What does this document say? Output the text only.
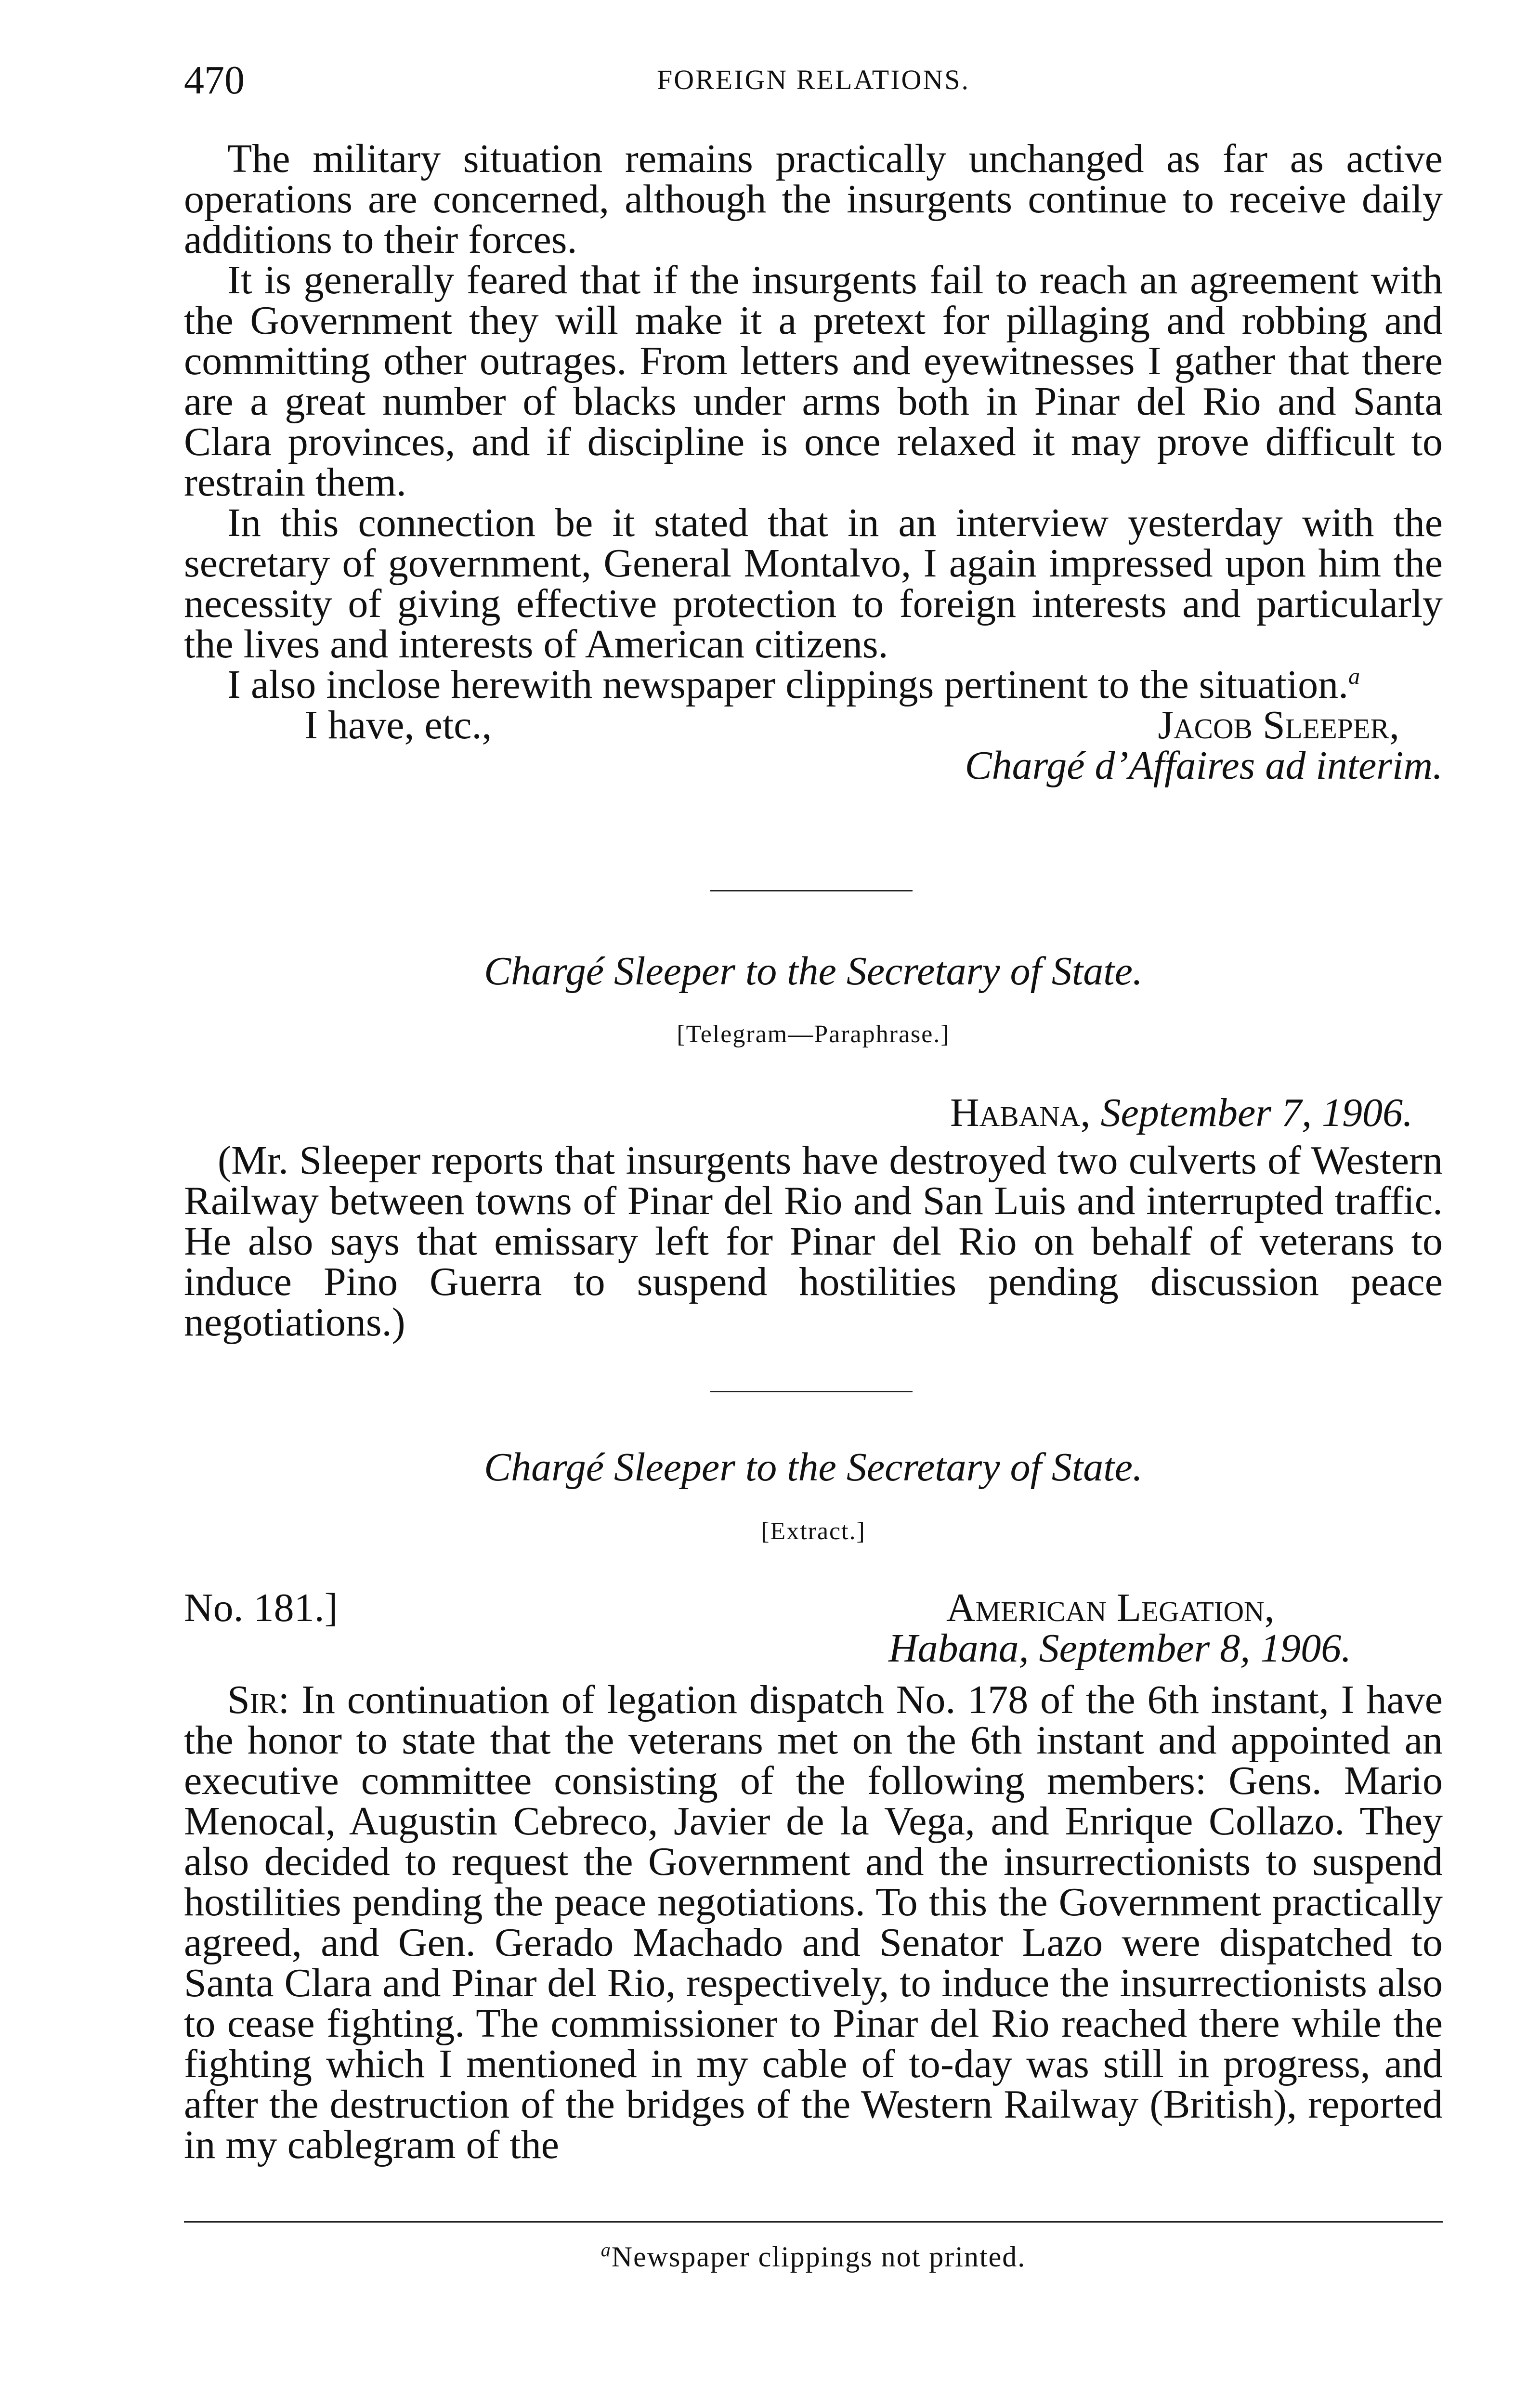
470	FOREIGN RELATIONS.

The military situation remains practically unchanged as far as active operations are concerned, although the insurgents continue to receive daily additions to their forces.

It is generally feared that if the insurgents fail to reach an agreement with the Government they will make it a pretext for pillaging and robbing and committing other outrages. From letters and eyewitnesses I gather that there are a great number of blacks under arms both in Pinar del Rio and Santa Clara provinces, and if discipline is once relaxed it may prove difficult to restrain them.

In this connection be it stated that in an interview yesterday with the secretary of government, General Montalvo, I again impressed upon him the necessity of giving effective protection to foreign interests and particularly the lives and interests of American citizens.

I also inclose herewith newspaper clippings pertinent to the situation.$^a$

I have, etc.,	Jacob Sleeper,
Chargé d’Affaires ad interim.
Chargé Sleeper to the Secretary of State.
[Telegram—Paraphrase.]
Habana, September 7, 1906.

(Mr. Sleeper reports that insurgents have destroyed two culverts of Western Railway between towns of Pinar del Rio and San Luis and interrupted traffic. He also says that emissary left for Pinar del Rio on behalf of veterans to induce Pino Guerra to suspend hostilities pending discussion peace negotiations.)

Chargé Sleeper to the Secretary of State.
[Extract.]
No. 181.]	American Legation,
Habana, September 8, 1906.

Sir: In continuation of legation dispatch No. 178 of the 6th instant, I have the honor to state that the veterans met on the 6th instant and appointed an executive committee consisting of the following members: Gens. Mario Menocal, Augustin Cebreco, Javier de la Vega, and Enrique Collazo. They also decided to request the Government and the insurrectionists to suspend hostilities pending the peace negotiations. To this the Government practically agreed, and Gen. Gerado Machado and Senator Lazo were dispatched to Santa Clara and Pinar del Rio, respectively, to induce the insurrectionists also to cease fighting. The commissioner to Pinar del Rio reached there while the fighting which I mentioned in my cable of to-day was still in progress, and after the destruction of the bridges of the Western Railway (British), reported in my cablegram of the

$^a$Newspaper clippings not printed.
